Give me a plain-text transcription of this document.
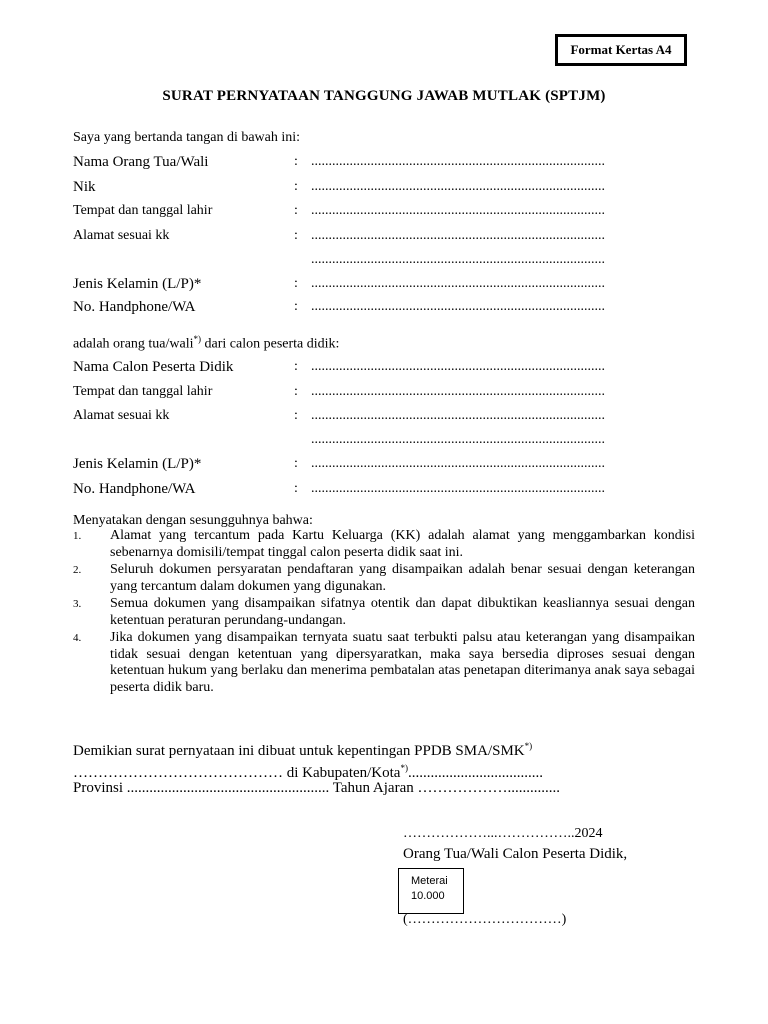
Format Kertas A4
SURAT PERNYATAAN TANGGUNG JAWAB MUTLAK (SPTJM)
Saya yang bertanda tangan di bawah ini:
Nama Orang Tua/Wali	: ....................................................................................
Nik	: ....................................................................................
Tempat dan tanggal lahir	: ....................................................................................
Alamat sesuai kk	: ....................................................................................
....................................................................................
Jenis Kelamin (L/P)*	: ....................................................................................
No. Handphone/WA	: ....................................................................................
adalah orang tua/wali*) dari calon peserta didik:
Nama Calon Peserta Didik	: ....................................................................................
Tempat dan tanggal lahir	: ....................................................................................
Alamat sesuai kk	: ....................................................................................
....................................................................................
Jenis Kelamin (L/P)*	: ....................................................................................
No. Handphone/WA	: ....................................................................................
Menyatakan dengan sesungguhnya bahwa:
1. Alamat yang tercantum pada Kartu Keluarga (KK) adalah alamat yang menggambarkan kondisi sebenarnya domisili/tempat tinggal calon peserta didik saat ini.
2. Seluruh dokumen persyaratan pendaftaran yang disampaikan adalah benar sesuai dengan keterangan yang tercantum dalam dokumen yang digunakan.
3. Semua dokumen yang disampaikan sifatnya otentik dan dapat dibuktikan keasliannya sesuai dengan ketentuan peraturan perundang-undangan.
4. Jika dokumen yang disampaikan ternyata suatu saat terbukti palsu atau keterangan yang disampaikan tidak sesuai dengan ketentuan yang dipersyaratkan, maka saya bersedia diproses sesuai dengan ketentuan hukum yang berlaku dan menerima pembatalan atas penetapan diterimanya anak saya sebagai peserta didik baru.
Demikian surat pernyataan ini dibuat untuk kepentingan PPDB SMA/SMK*)
…………………………………… di Kabupaten/Kota*)....................................
Provinsi ...................................................... Tahun Ajaran ………………..............
………………...……………..2024
Orang Tua/Wali Calon Peserta Didik,
Meterai
10.000
(……………………………)
